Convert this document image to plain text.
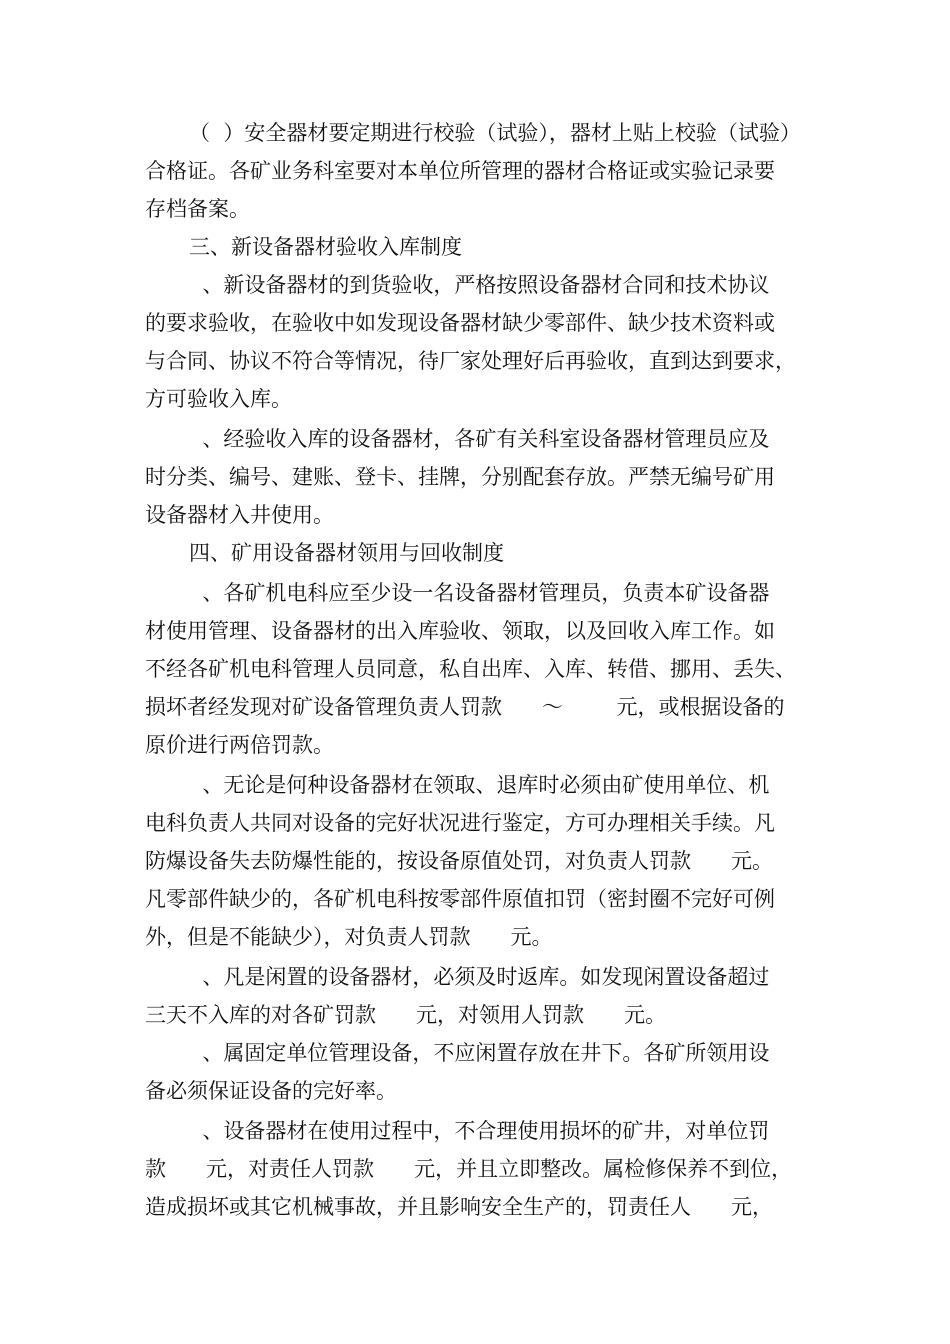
（  ）安全器材要定期进行校验（试验），器材上贴上校验（试验）
合格证。各矿业务科室要对本单位所管理的器材合格证或实验记录要
存档备案。
三、新设备器材验收入库制度
、新设备器材的到货验收，严格按照设备器材合同和技术协议
的要求验收，在验收中如发现设备器材缺少零部件、缺少技术资料或
与合同、协议不符合等情况，待厂家处理好后再验收，直到达到要求，
方可验收入库。
、经验收入库的设备器材，各矿有关科室设备器材管理员应及
时分类、编号、建账、登卡、挂牌，分别配套存放。严禁无编号矿用
设备器材入井使用。
四、矿用设备器材领用与回收制度
、各矿机电科应至少设一名设备器材管理员，负责本矿设备器
材使用管理、设备器材的出入库验收、领取，以及回收入库工作。如
不经各矿机电科管理人员同意，私自出库、入库、转借、挪用、丢失、
损坏者经发现对矿设备管理负责人罚款      ～        元，或根据设备的
原价进行两倍罚款。
、无论是何种设备器材在领取、退库时必须由矿使用单位、机
电科负责人共同对设备的完好状况进行鉴定，方可办理相关手续。凡
防爆设备失去防爆性能的，按设备原值处罚，对负责人罚款      元。
凡零部件缺少的，各矿机电科按零部件原值扣罚（密封圈不完好可例
外，但是不能缺少），对负责人罚款      元。
、凡是闲置的设备器材，必须及时返库。如发现闲置设备超过
三天不入库的对各矿罚款      元，对领用人罚款      元。
、属固定单位管理设备，不应闲置存放在井下。各矿所领用设
备必须保证设备的完好率。
、设备器材在使用过程中，不合理使用损坏的矿井，对单位罚
款      元，对责任人罚款      元，并且立即整改。属检修保养不到位，
造成损坏或其它机械事故，并且影响安全生产的，罚责任人      元，
